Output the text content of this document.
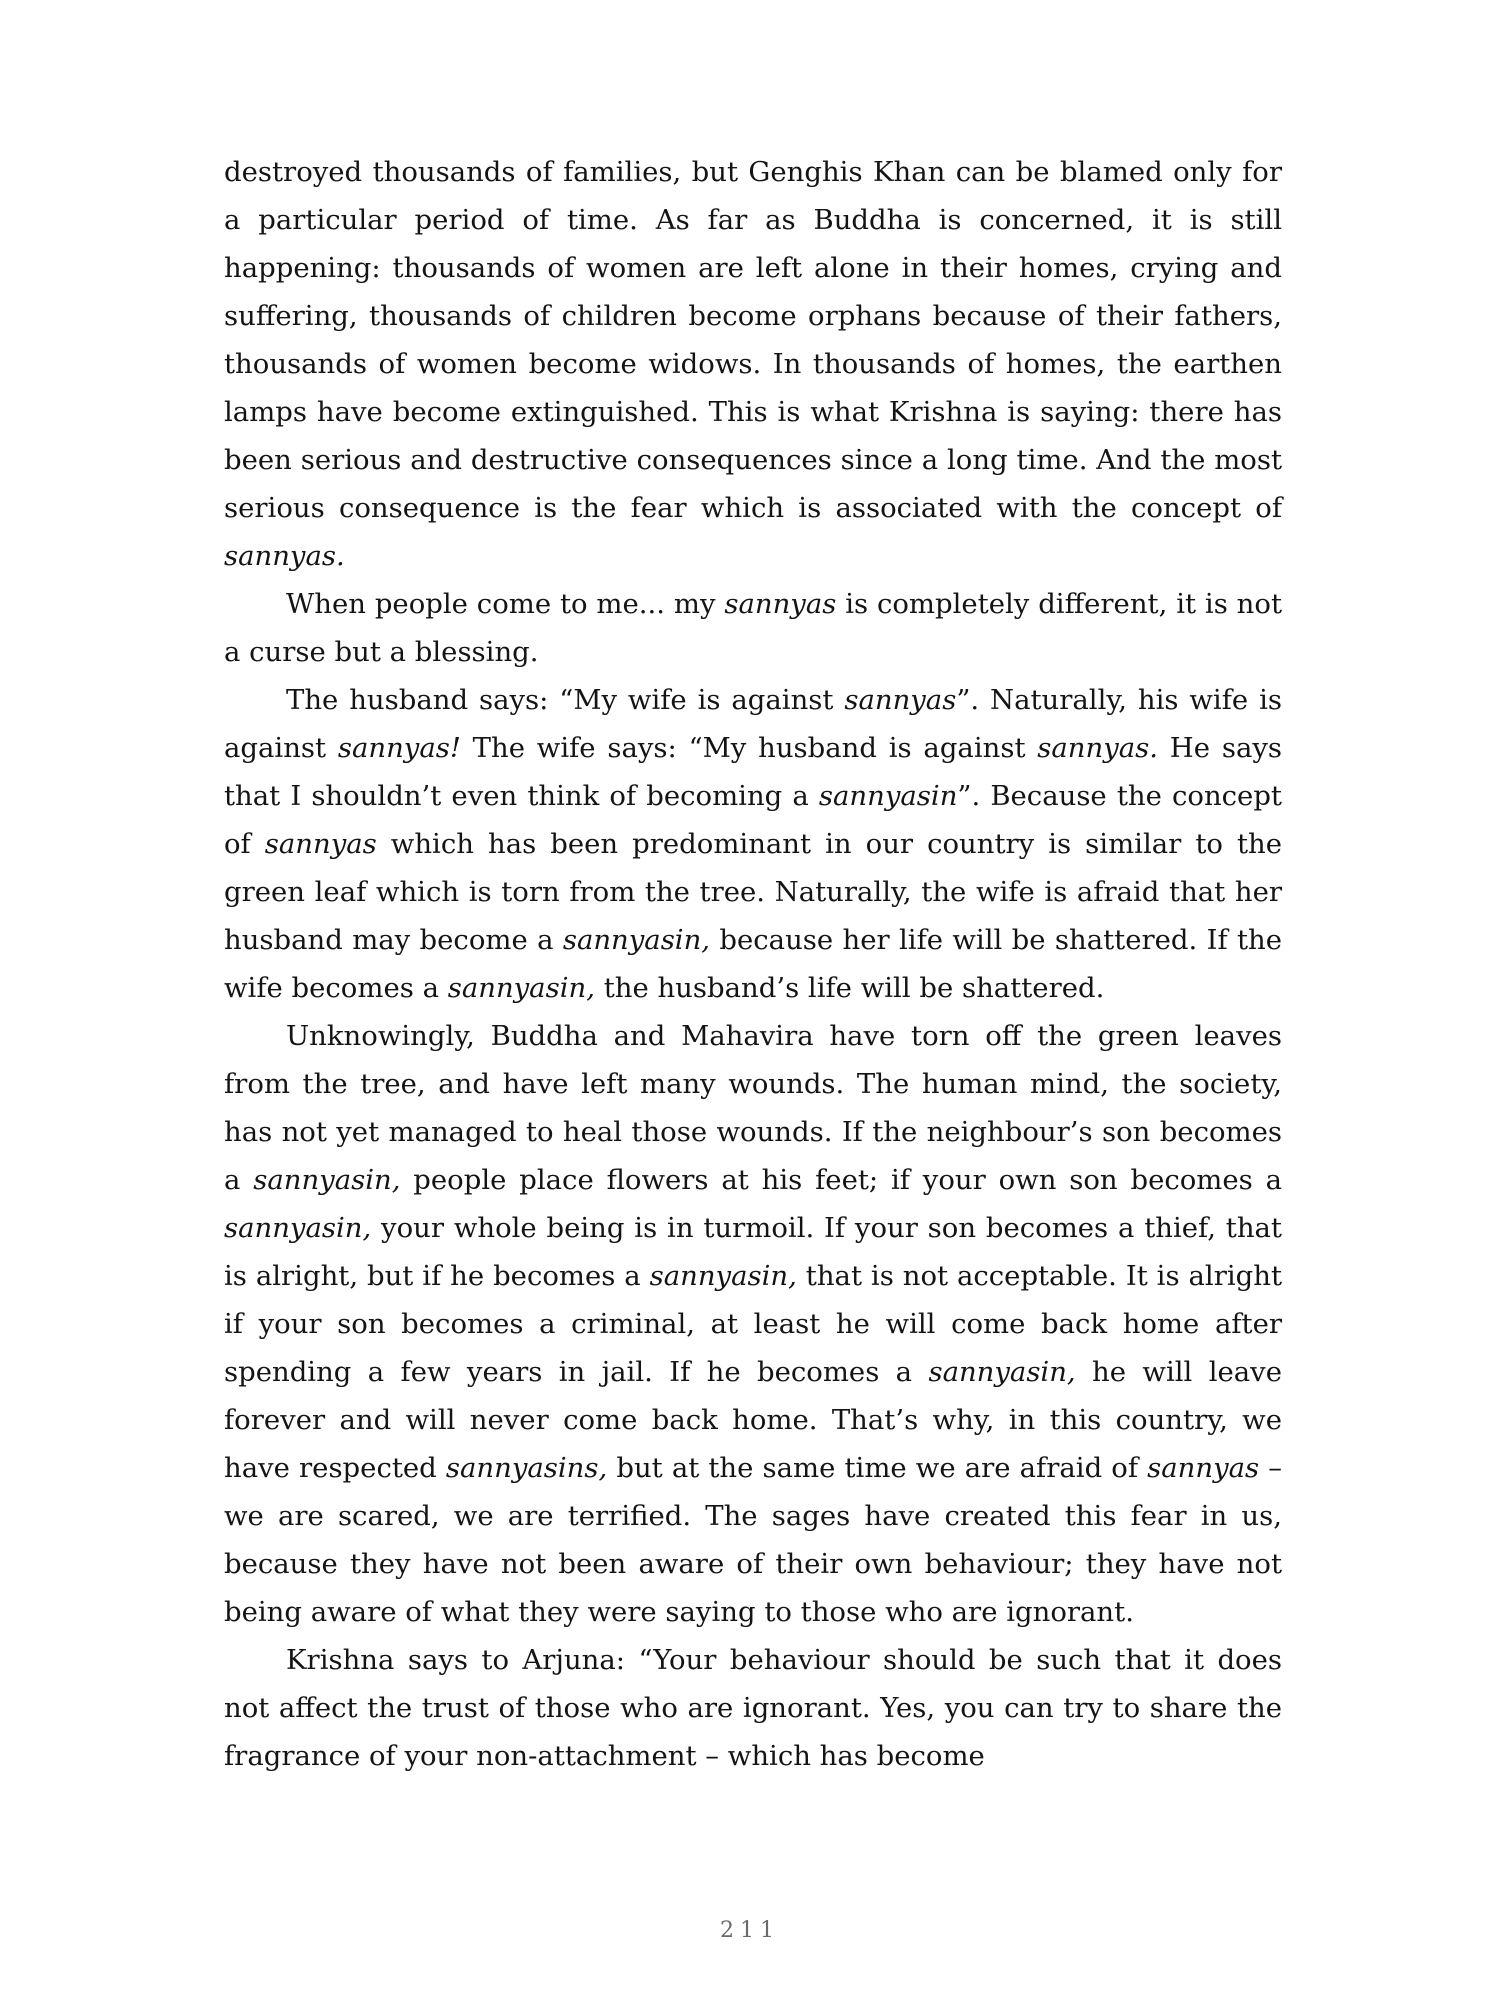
destroyed thousands of families, but Genghis Khan can be blamed only for a particular period of time. As far as Buddha is concerned, it is still happening: thousands of women are left alone in their homes, crying and suffering, thousands of children become orphans because of their fathers, thousands of women become widows. In thousands of homes, the earthen lamps have become extinguished. This is what Krishna is saying: there has been serious and destructive consequences since a long time. And the most serious consequence is the fear which is associated with the concept of sannyas.

When people come to me... my sannyas is completely different, it is not a curse but a blessing.

The husband says: “My wife is against sannyas”. Naturally, his wife is against sannyas! The wife says: “My husband is against sannyas. He says that I shouldn’t even think of becoming a sannyasin”. Because the concept of sannyas which has been predominant in our country is similar to the green leaf which is torn from the tree. Naturally, the wife is afraid that her husband may become a sannyasin, because her life will be shattered. If the wife becomes a sannyasin, the husband’s life will be shattered.

Unknowingly, Buddha and Mahavira have torn off the green leaves from the tree, and have left many wounds. The human mind, the society, has not yet managed to heal those wounds. If the neighbour’s son becomes a sannyasin, people place flowers at his feet; if your own son becomes a sannyasin, your whole being is in turmoil. If your son becomes a thief, that is alright, but if he becomes a sannyasin, that is not acceptable. It is alright if your son becomes a criminal, at least he will come back home after spending a few years in jail. If he becomes a sannyasin, he will leave forever and will never come back home. That’s why, in this country, we have respected sannyasins, but at the same time we are afraid of sannyas – we are scared, we are terrified. The sages have created this fear in us, because they have not been aware of their own behaviour; they have not being aware of what they were saying to those who are ignorant.

Krishna says to Arjuna: “Your behaviour should be such that it does not affect the trust of those who are ignorant. Yes, you can try to share the fragrance of your non-attachment – which has become

211
